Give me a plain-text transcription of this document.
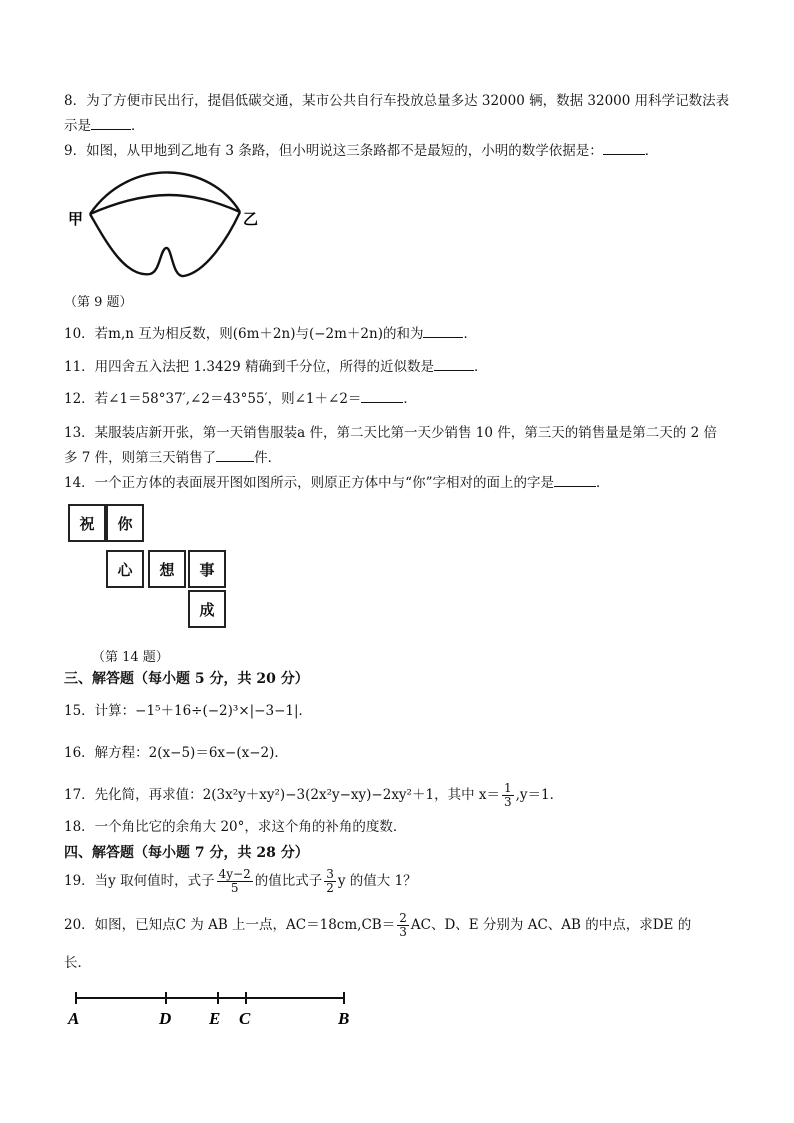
8．为了方便市民出行，提倡低碳交通，某市公共自行车投放总量多达 32000 辆，数据 32000 用科学记数法表
示是	．
9．如图，从甲地到乙地有 3 条路，但小明说这三条路都不是最短的，小明的数学依据是：	．
甲	乙
（第 9 题）
10．若m,n 互为相反数，则(6m＋2n)与(−2m＋2n)的和为	．
11．用四舍五入法把 1.3429 精确到千分位，所得的近似数是	．
12．若∠1＝58°37′,∠2＝43°55′，则∠1＋∠2＝	．
13．某服装店新开张，第一天销售服装a 件，第二天比第一天少销售 10 件，第三天的销售量是第二天的 2 倍
多 7 件，则第三天销售了	件．
14．一个正方体的表面展开图如图所示，则原正方体中与“你”字相对的面上的字是	．
祝	你
心	想	事
成
（第 14 题）
三、解答题（每小题 5 分，共 20 分）
15．计算：−1⁵＋16÷(−2)³×|−3−1|．
16．解方程：2(x−5)＝6x−(x−2)．
17．先化简，再求值：2(3x²y＋xy²)−3(2x²y−xy)−2xy²＋1，其中 $x= \frac{1}{3} ,y=1$．
18．一个角比它的余角大 20°，求这个角的补角的度数．
四、解答题（每小题 7 分，共 28 分）
19．当y 取何值时，式子 $\frac{4y-2}{5}$ 的值比式子 $\frac{3}{2}$ y 的值大 1？
20．如图，已知点C 为 AB 上一点，$AC=18cm,CB= \frac{2}{3}$ AC、D、E 分别为 AC、AB 的中点，求DE 的
长．
A	D E C	B
